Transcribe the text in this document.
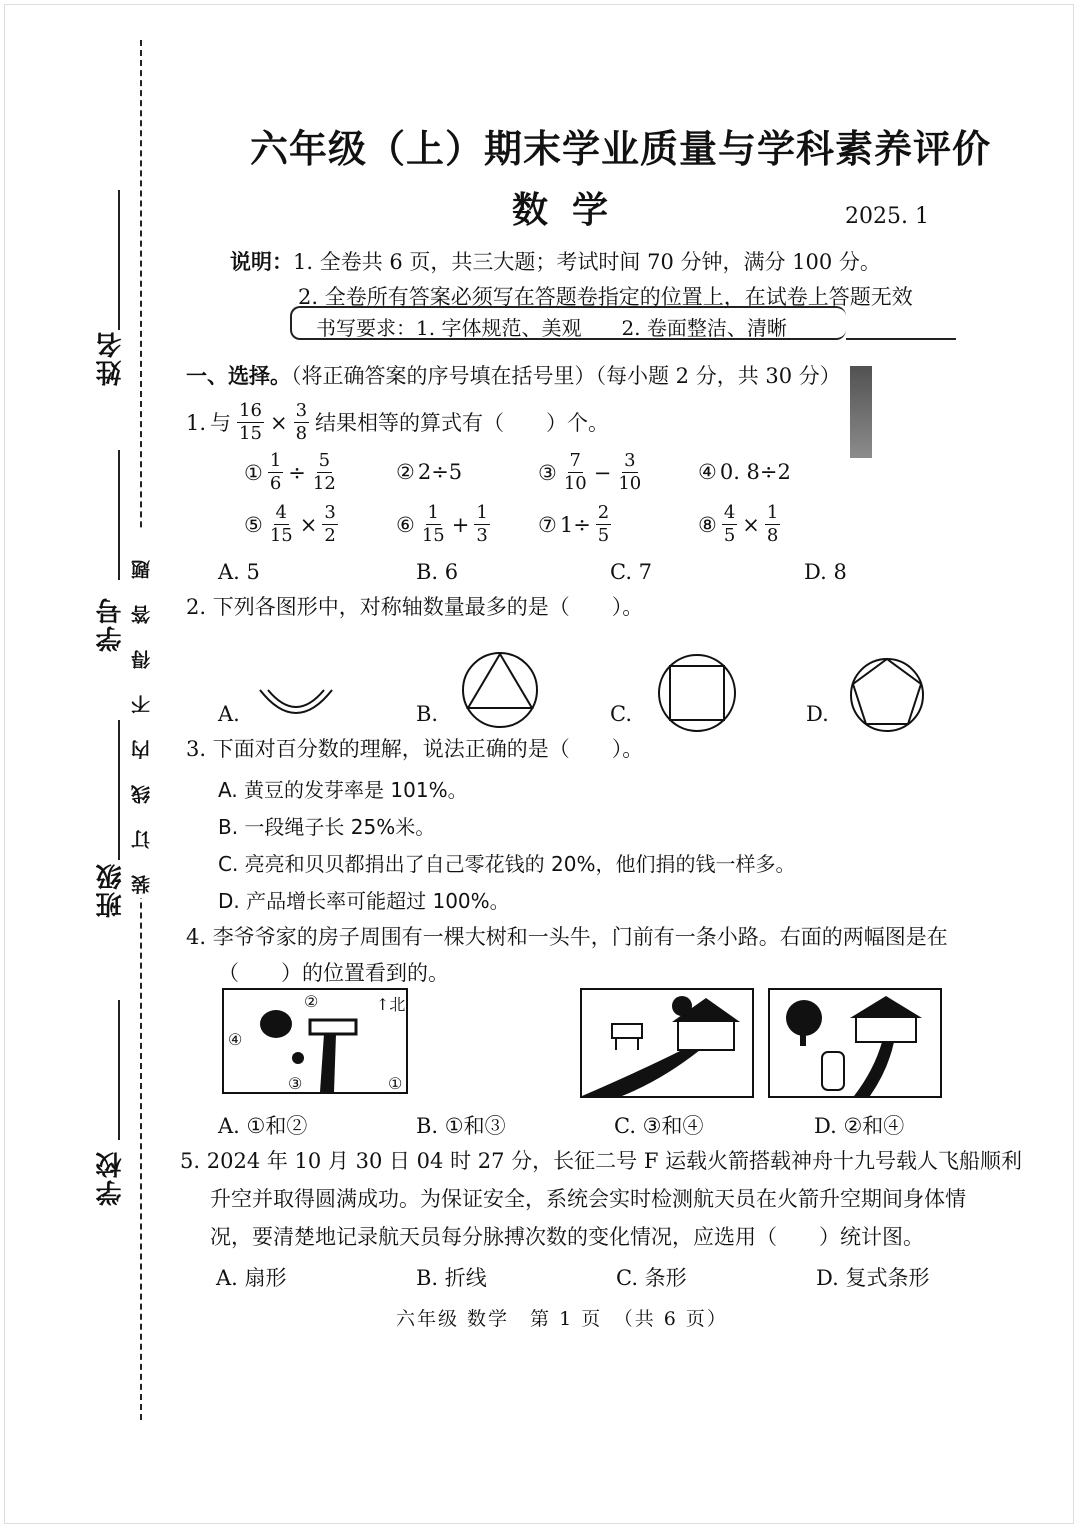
姓名
学号
班级
学校
装订线内不得答题
六年级（上）期末学业质量与学科素养评价
数学	2025. 1
说明：1. 全卷共 6 页，共三大题；考试时间 70 分钟，满分 100 分。
2. 全卷所有答案必须写在答题卷指定的位置上，在试卷上答题无效
书写要求：1. 字体规范、美观　　2. 卷面整洁、清晰
一、选择。（将正确答案的序号填在括号里）（每小题 2 分，共 30 分）
1. 与 $\frac{16}{15} \times \frac{3}{8}$ 结果相等的算式有（　　）个。
① $\frac{1}{6} \div \frac{5}{12}$	② 2÷5	③ $\frac{7}{10} - \frac{3}{10}$	④ 0. 8÷2
⑤ $\frac{4}{15} \times \frac{3}{2}$	⑥ $\frac{1}{15} + \frac{1}{3}$ ⑦ $1\div \frac{2}{5}$	⑧ $\frac{4}{5} \times \frac{1}{8}$
A. 5	B. 6	C. 7	D. 8
2. 下列各图形中，对称轴数量最多的是（　　）。
A.	B.	C.	D.
3. 下面对百分数的理解，说法正确的是（　　）。
A. 黄豆的发芽率是 101%。
B. 一段绳子长 25%米。
C. 亮亮和贝贝都捐出了自己零花钱的 20%，他们捐的钱一样多。
D. 产品增长率可能超过 100%。
4. 李爷爷家的房子周围有一棵大树和一头牛，门前有一条小路。右面的两幅图是在
（　　）的位置看到的。
②	↑北
④
③	①
A. ①和②	B. ①和③	C. ③和④	D. ②和④
5. 2024 年 10 月 30 日 04 时 27 分，长征二号 F 运载火箭搭载神舟十九号载人飞船顺利
升空并取得圆满成功。为保证安全，系统会实时检测航天员在火箭升空期间身体情
况，要清楚地记录航天员每分脉搏次数的变化情况，应选用（　　）统计图。
A. 扇形	B. 折线	C. 条形	D. 复式条形
六年级 数学　第 1 页　（共 6 页）
